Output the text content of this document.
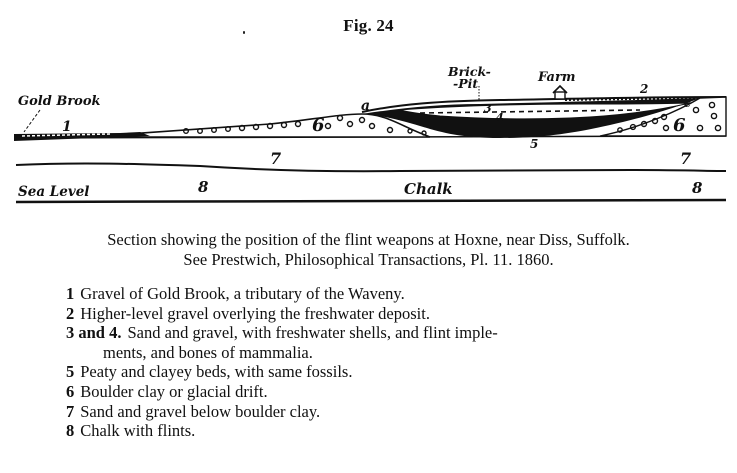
Fig. 24
Gold Brook
Brick-
-Pit	Farm
Sea Level	Chalk
1
2
3
4
5
6	6
7	7
8	8
a	c
Section showing the position of the flint weapons at Hoxne, near Diss, Suffolk.
See Prestwich, Philosophical Transactions, Pl. 11. 1860.
1 Gravel of Gold Brook, a tributary of the Waveny.
2 Higher-level gravel overlying the freshwater deposit.
3 and 4. Sand and gravel, with freshwater shells, and flint imple-
ments, and bones of mammalia.
5 Peaty and clayey beds, with same fossils.
6 Boulder clay or glacial drift.
7 Sand and gravel below boulder clay.
8 Chalk with flints.
